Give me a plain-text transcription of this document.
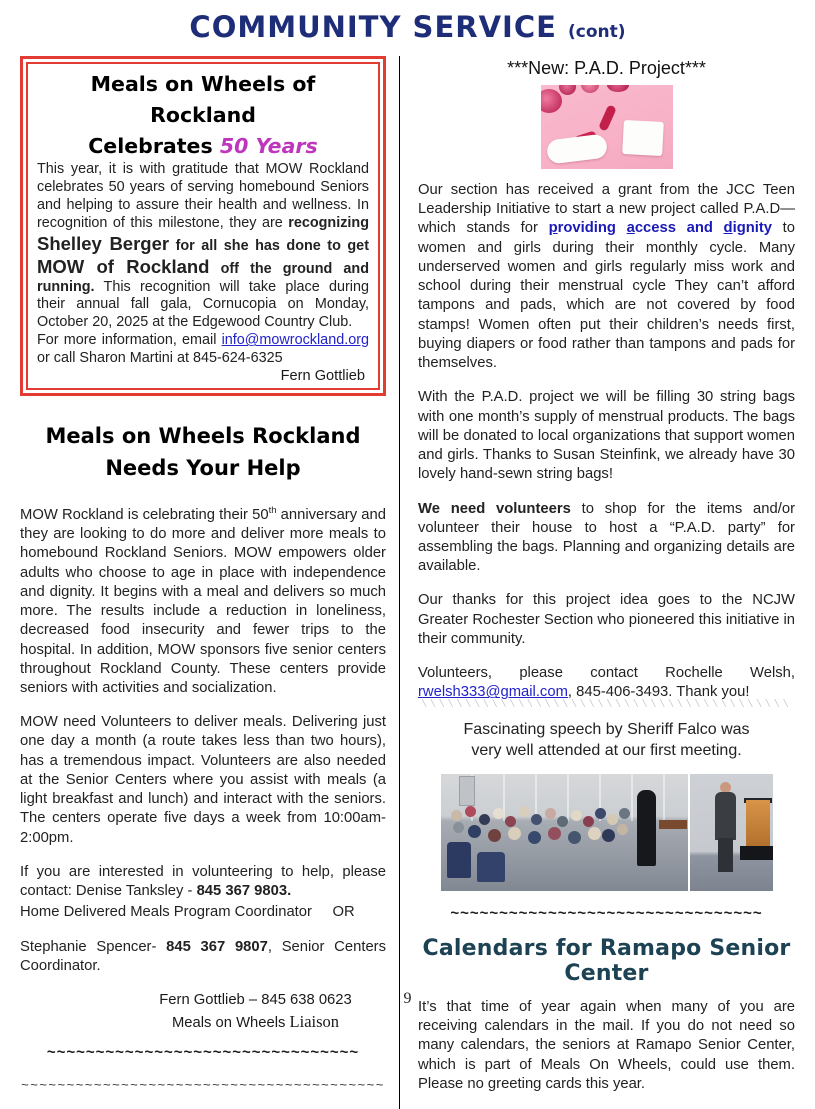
COMMUNITY SERVICE (cont)
Meals on Wheels of Rockland
Celebrates 50 Years

This year, it is with gratitude that MOW Rockland celebrates 50 years of serving homebound Seniors and helping to assure their health and wellness. In recognition of this milestone, they are recognizing Shelley Berger for all she has done to get MOW of Rockland off the ground and running. This recognition will take place during their annual fall gala, Cornucopia on Monday, October 20, 2025 at the Edgewood Country Club.

For more information, email info@mowrockland.org or call Sharon Martini at 845-624-6325

Fern Gottlieb
Meals on Wheels Rockland
Needs Your Help

MOW Rockland is celebrating their 50th anniversary and they are looking to do more and deliver more meals to homebound Rockland Seniors. MOW empowers older adults who choose to age in place with independence and dignity. It begins with a meal and delivers so much more. The results include a reduction in loneliness, decreased food insecurity and fewer trips to the hospital. In addition, MOW sponsors five senior centers throughout Rockland County. These centers provide seniors with activities and socialization.

MOW need Volunteers to deliver meals. Delivering just one day a month (a route takes less than two hours), has a tremendous impact. Volunteers are also needed at the Senior Centers where you assist with meals (a light breakfast and lunch) and interact with the seniors. The centers operate five days a week from 10:00am-2:00pm.

If you are interested in volunteering to help, please contact: Denise Tanksley - 845 367 9803.

Home Delivered Meals Program Coordinator     OR

Stephanie Spencer- 845 367 9807, Senior Centers Coordinator.

Fern Gottlieb – 845 638 0623
Meals on Wheels Liaison
~~~~~~~~~~~~~~~~~~~~~~~~~~~~~~~~
~~~~~~~~~~~~~~~~~~~~~~~~~~~~~~~~~~~~~~~~
***New: P.A.D. Project***

Our section has received a grant from the JCC Teen Leadership Initiative to start a new project called P.A.D—which stands for providing access and dignity to women and girls during their monthly cycle. Many underserved women and girls regularly miss work and school during their menstrual cycle They can’t afford tampons and pads, which are not covered by food stamps! Women often put their children’s needs first, buying diapers or food rather than tampons and pads for themselves.

With the P.A.D. project we will be filling 30 string bags with one month’s supply of menstrual products. The bags will be donated to local organizations that support women and girls. Thanks to Susan Steinfink, we already have 30 lovely hand-sewn string bags!

We need volunteers to shop for the items and/or volunteer their house to host a “P.A.D. party” for assembling the bags. Planning and organizing details are available.

Our thanks for this project idea goes to the NCJW Greater Rochester Section who pioneered this initiative in their community.

Volunteers, please contact Rochelle Welsh, rwelsh333@gmail.com, 845-406-3493. Thank you!

╲╲╲╲╲╲╲╲╲╲╲╲╲╲╲╲╲╲╲╲╲╲╲╲╲╲╲╲╲╲╲╲╲╲╲╲╲╲╲╲╲╲
Fascinating speech by Sheriff Falco was
very well attended at our first meeting.
~~~~~~~~~~~~~~~~~~~~~~~~~~~~~~~~
Calendars for Ramapo Senior Center

It’s that time of year again when many of you are receiving calendars in the mail. If you do not need so many calendars, the seniors at Ramapo Senior Center, which is part of Meals On Wheels, could use them. Please no greeting cards this year.

9
